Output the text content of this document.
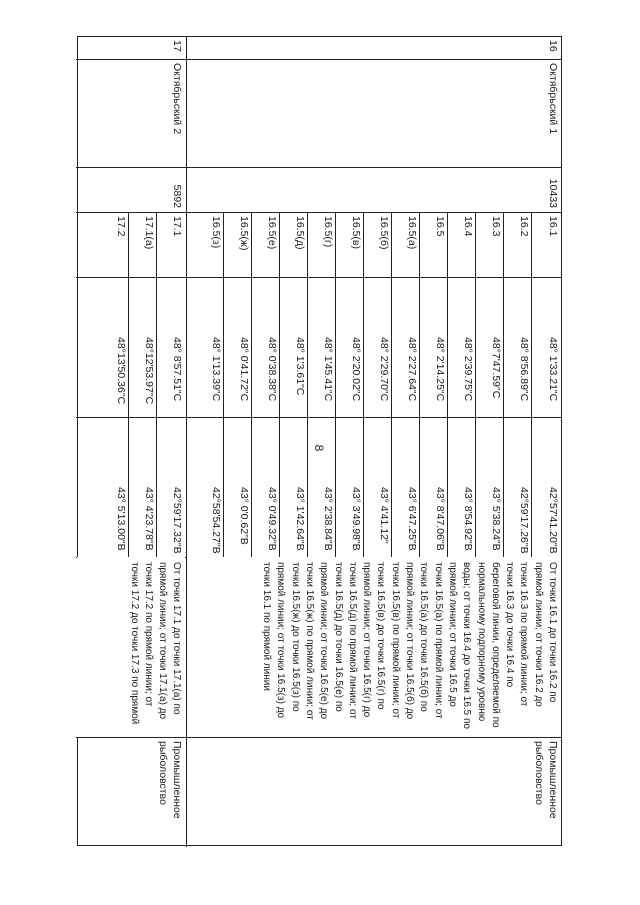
8
16
Октябрьский 1
10433
16.1
48° 1'33.21"С
42°57'41.20"В
16.2
48° 8'56.89"С
42°59'17.26"В
16.3
48°7'47.59"С
43° 5'38.24"В
16.4
48° 2'39.75"С
43° 8'54.92"В
16.5
48° 2'14.25"С
43° 8'47.06"В
16.5(а)
48° 2'27.64"С
43° 6'47.25"В
16.5(б)
48° 2'29.70"С
43° 4'41.12"
16.5(в)
48° 2'20.02"С
43° 3'49.98"В
16.5(г)
48° 1'45.41"С
43° 2'38.84"В
16.5(д)
48° 1'3.61"С
43° 1'42.64"В
16.5(е)
48° 0'38.38"С
43° 0'49.32"В
16.5(ж)
48° 0'41.72"С
43° 0'0.62"В
16.5(з)
48° 1'13.39"С
42°58'54.27"В
От точки 16.1 до точки 16.2 по прямой линии; от точки 16.2 до точки 16.3 по прямой линии; от точки 16.3 до точки 16.4 по береговой линии, определяемой по нормальному подпорному уровню воды; от точки 16.4 до точки 16.5 по прямой линии; от точки 16.5 до точки 16.5(а) по прямой линии; от точки 16.5(а) до точки 16.5(б) по прямой линии; от точки 16.5(б) до точки 16.5(в) по прямой линии; от точки 16.5(в) до точки 16.5(г) по прямой линии; от точки 16.5(г) до точки 16.5(д) по прямой линии; от точки 16.5(д) до точки 16.5(е) по прямой линии; от точки 16.5(е) до точки 16.5(ж) по прямой линии; от точки 16.5(ж) до точки 16.5(з) по прямой линии; от точки 16.5(з) до точки 16.1 по прямой линии
Промышленное рыболовство
17
Октябрьский 2
5892
17.1
48° 8'57.51"С
42°59'17.32"В
17.1(а)
48°12'53.97"С
43° 4'23.78"В
17.2
48°13'50.36"С
43° 5'13.00"В
От точки 17.1 до точки 17.1(а) по прямой линии; от точки 17.1(а) до точки 17.2 по прямой линии; от точки 17.2 до точки 17.3 по прямой
Промышленное рыболовство
